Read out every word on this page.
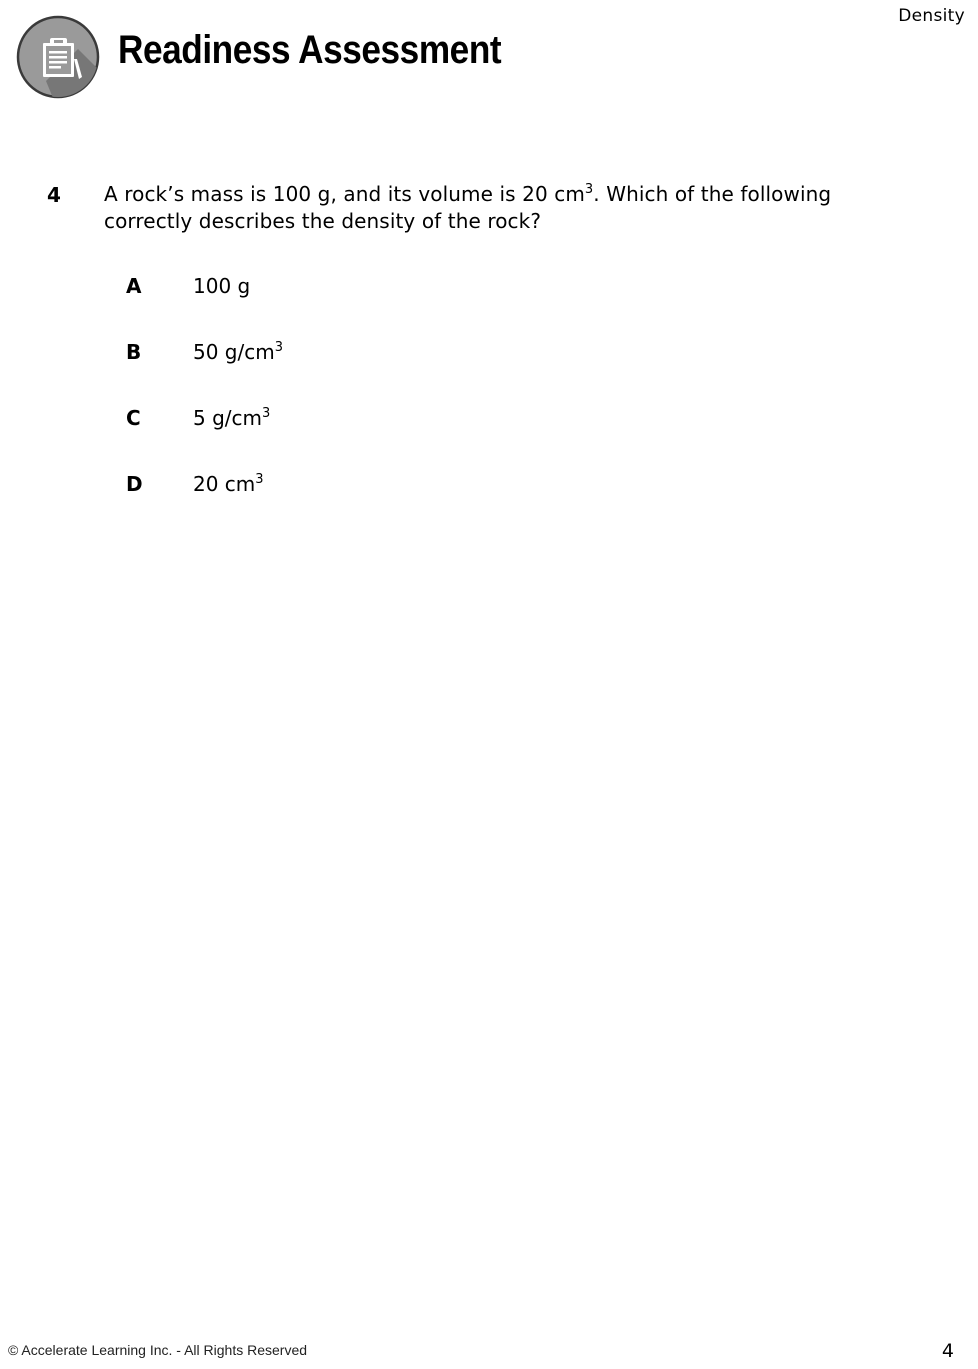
Density
Readiness Assessment
4 A rock’s mass is 100 g, and its volume is 20 $cm^3$. Which of the following correctly describes the density of the rock?
A	100 g
B	50 $g/cm^3$
C	5 $g/cm^3$
D	20 $cm^3$
© Accelerate Learning Inc. - All Rights Reserved	4
